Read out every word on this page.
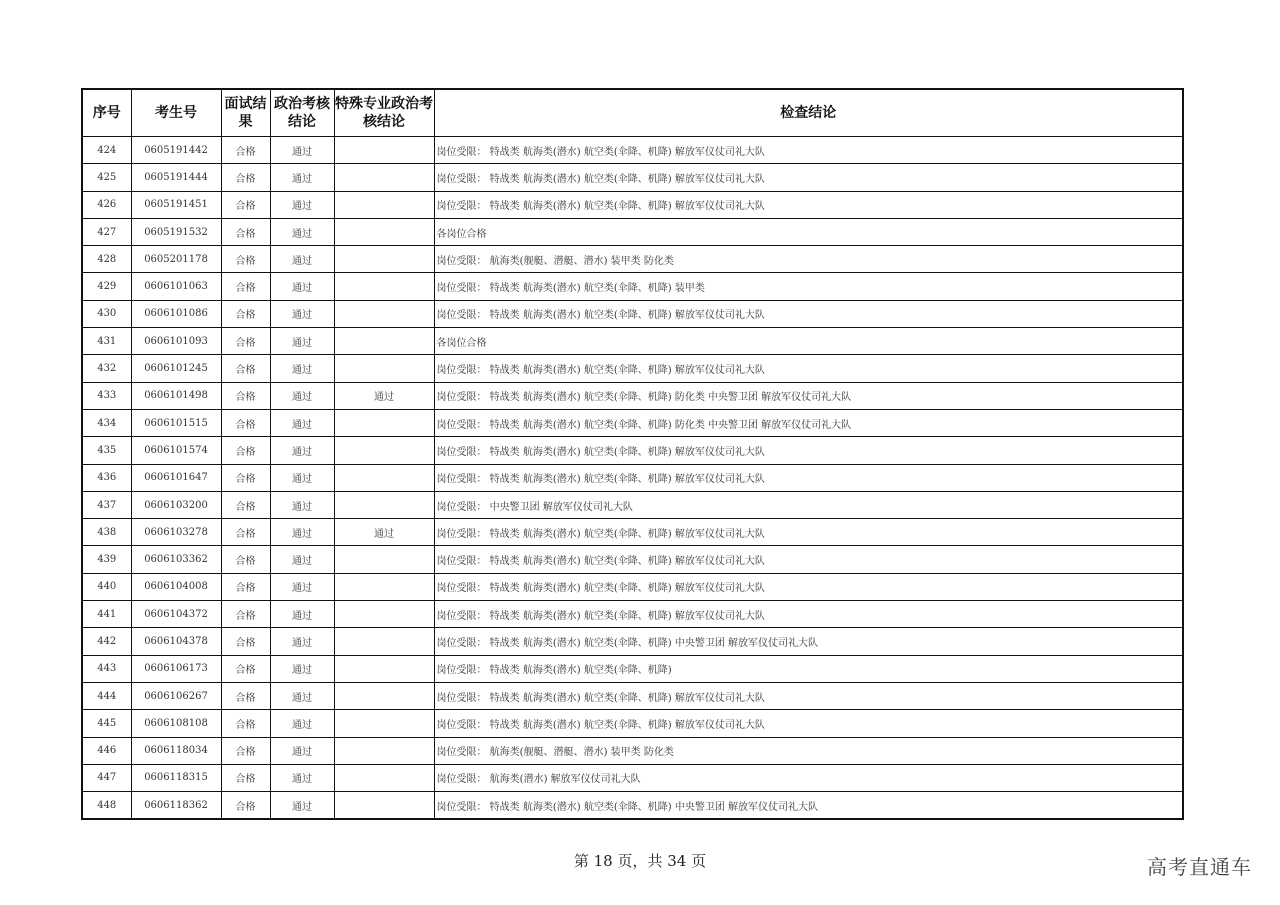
序号	考生号	面试结果	政治考核结论	特殊专业政治考核结论	检查结论
424	0605191442	合格	通过		岗位受限： 特战类 航海类(潜水) 航空类(伞降、机降) 解放军仪仗司礼大队
425	0605191444	合格	通过		岗位受限： 特战类 航海类(潜水) 航空类(伞降、机降) 解放军仪仗司礼大队
426	0605191451	合格	通过		岗位受限： 特战类 航海类(潜水) 航空类(伞降、机降) 解放军仪仗司礼大队
427	0605191532	合格	通过		各岗位合格
428	0605201178	合格	通过		岗位受限： 航海类(舰艇、潜艇、潜水) 装甲类 防化类
429	0606101063	合格	通过		岗位受限： 特战类 航海类(潜水) 航空类(伞降、机降) 装甲类
430	0606101086	合格	通过		岗位受限： 特战类 航海类(潜水) 航空类(伞降、机降) 解放军仪仗司礼大队
431	0606101093	合格	通过		各岗位合格
432	0606101245	合格	通过		岗位受限： 特战类 航海类(潜水) 航空类(伞降、机降) 解放军仪仗司礼大队
433	0606101498	合格	通过	通过	岗位受限： 特战类 航海类(潜水) 航空类(伞降、机降) 防化类 中央警卫团 解放军仪仗司礼大队
434	0606101515	合格	通过		岗位受限： 特战类 航海类(潜水) 航空类(伞降、机降) 防化类 中央警卫团 解放军仪仗司礼大队
435	0606101574	合格	通过		岗位受限： 特战类 航海类(潜水) 航空类(伞降、机降) 解放军仪仗司礼大队
436	0606101647	合格	通过		岗位受限： 特战类 航海类(潜水) 航空类(伞降、机降) 解放军仪仗司礼大队
437	0606103200	合格	通过		岗位受限： 中央警卫团 解放军仪仗司礼大队
438	0606103278	合格	通过	通过	岗位受限： 特战类 航海类(潜水) 航空类(伞降、机降) 解放军仪仗司礼大队
439	0606103362	合格	通过		岗位受限： 特战类 航海类(潜水) 航空类(伞降、机降) 解放军仪仗司礼大队
440	0606104008	合格	通过		岗位受限： 特战类 航海类(潜水) 航空类(伞降、机降) 解放军仪仗司礼大队
441	0606104372	合格	通过		岗位受限： 特战类 航海类(潜水) 航空类(伞降、机降) 解放军仪仗司礼大队
442	0606104378	合格	通过		岗位受限： 特战类 航海类(潜水) 航空类(伞降、机降) 中央警卫团 解放军仪仗司礼大队
443	0606106173	合格	通过		岗位受限： 特战类 航海类(潜水) 航空类(伞降、机降)
444	0606106267	合格	通过		岗位受限： 特战类 航海类(潜水) 航空类(伞降、机降) 解放军仪仗司礼大队
445	0606108108	合格	通过		岗位受限： 特战类 航海类(潜水) 航空类(伞降、机降) 解放军仪仗司礼大队
446	0606118034	合格	通过		岗位受限： 航海类(舰艇、潜艇、潜水) 装甲类 防化类
447	0606118315	合格	通过		岗位受限： 航海类(潜水) 解放军仪仗司礼大队
448	0606118362	合格	通过		岗位受限： 特战类 航海类(潜水) 航空类(伞降、机降) 中央警卫团 解放军仪仗司礼大队
第 18 页，共 34 页	高考直通车
